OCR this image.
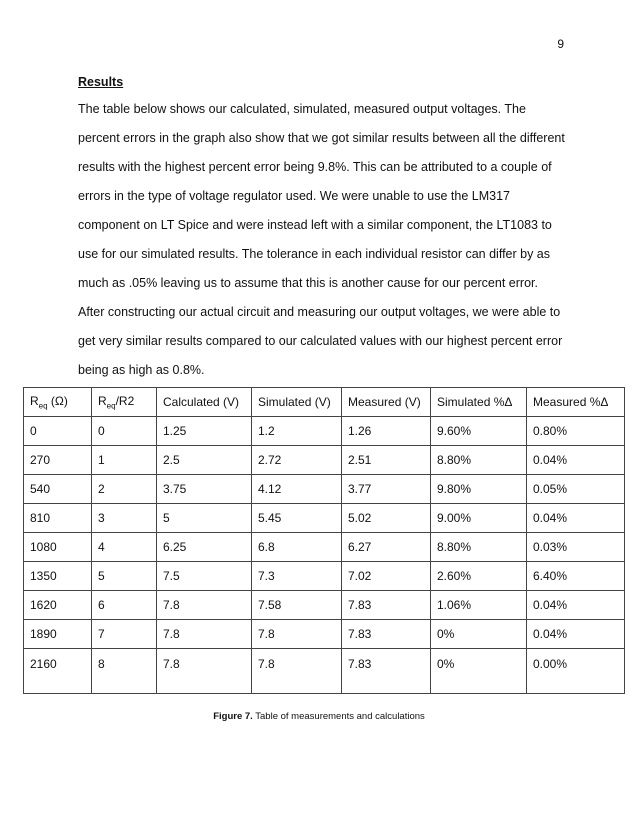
9
Results

The table below shows our calculated, simulated, measured output voltages. The

percent errors in the graph also show that we got similar results between all the different

results with the highest percent error being 9.8%. This can be attributed to a couple of

errors in the type of voltage regulator used. We were unable to use the LM317

component on LT Spice and were instead left with a similar component, the LT1083 to

use for our simulated results. The tolerance in each individual resistor can differ by as

much as .05% leaving us to assume that this is another cause for our percent error.

After constructing our actual circuit and measuring our output voltages, we were able to

get very similar results compared to our calculated values with our highest percent error

being as high as 0.8%.

$R_{eq}$ (Ω)	$R_{eq}/R2$	Calculated (V)	Simulated (V)	Measured (V)	Simulated %Δ	Measured %Δ
0	0	1.25	1.2	1.26	9.60%	0.80%
270	1	2.5	2.72	2.51	8.80%	0.04%
540	2	3.75	4.12	3.77	9.80%	0.05%
810	3	5	5.45	5.02	9.00%	0.04%
1080	4	6.25	6.8	6.27	8.80%	0.03%
1350	5	7.5	7.3	7.02	2.60%	6.40%
1620	6	7.8	7.58	7.83	1.06%	0.04%
1890	7	7.8	7.8	7.83	0%	0.04%
2160	8	7.8	7.8	7.83	0%	0.00%
Figure 7. Table of measurements and calculations
